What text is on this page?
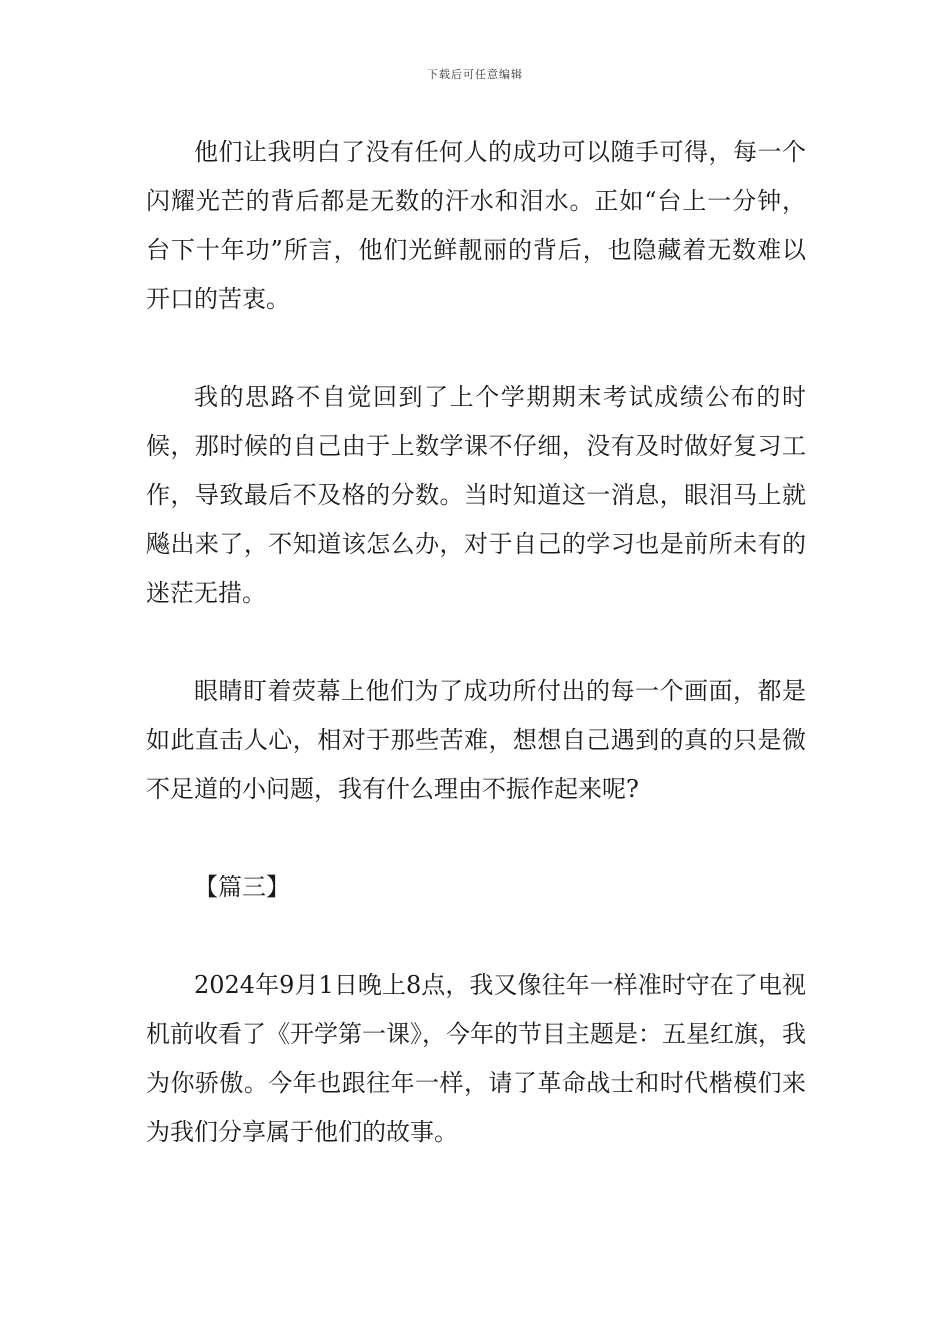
下载后可任意编辑

他们让我明白了没有任何人的成功可以随手可得，每一个闪耀光芒的背后都是无数的汗水和泪水。正如“台上一分钟，台下十年功”所言，他们光鲜靓丽的背后，也隐藏着无数难以开口的苦衷。

我的思路不自觉回到了上个学期期末考试成绩公布的时候，那时候的自己由于上数学课不仔细，没有及时做好复习工作，导致最后不及格的分数。当时知道这一消息，眼泪马上就飚出来了，不知道该怎么办，对于自己的学习也是前所未有的迷茫无措。

眼睛盯着荧幕上他们为了成功所付出的每一个画面，都是如此直击人心，相对于那些苦难，想想自己遇到的真的只是微不足道的小问题，我有什么理由不振作起来呢?

【篇三】

2024年9月1日晚上8点，我又像往年一样准时守在了电视机前收看了《开学第一课》，今年的节目主题是：五星红旗，我为你骄傲。今年也跟往年一样，请了革命战士和时代楷模们来为我们分享属于他们的故事。
